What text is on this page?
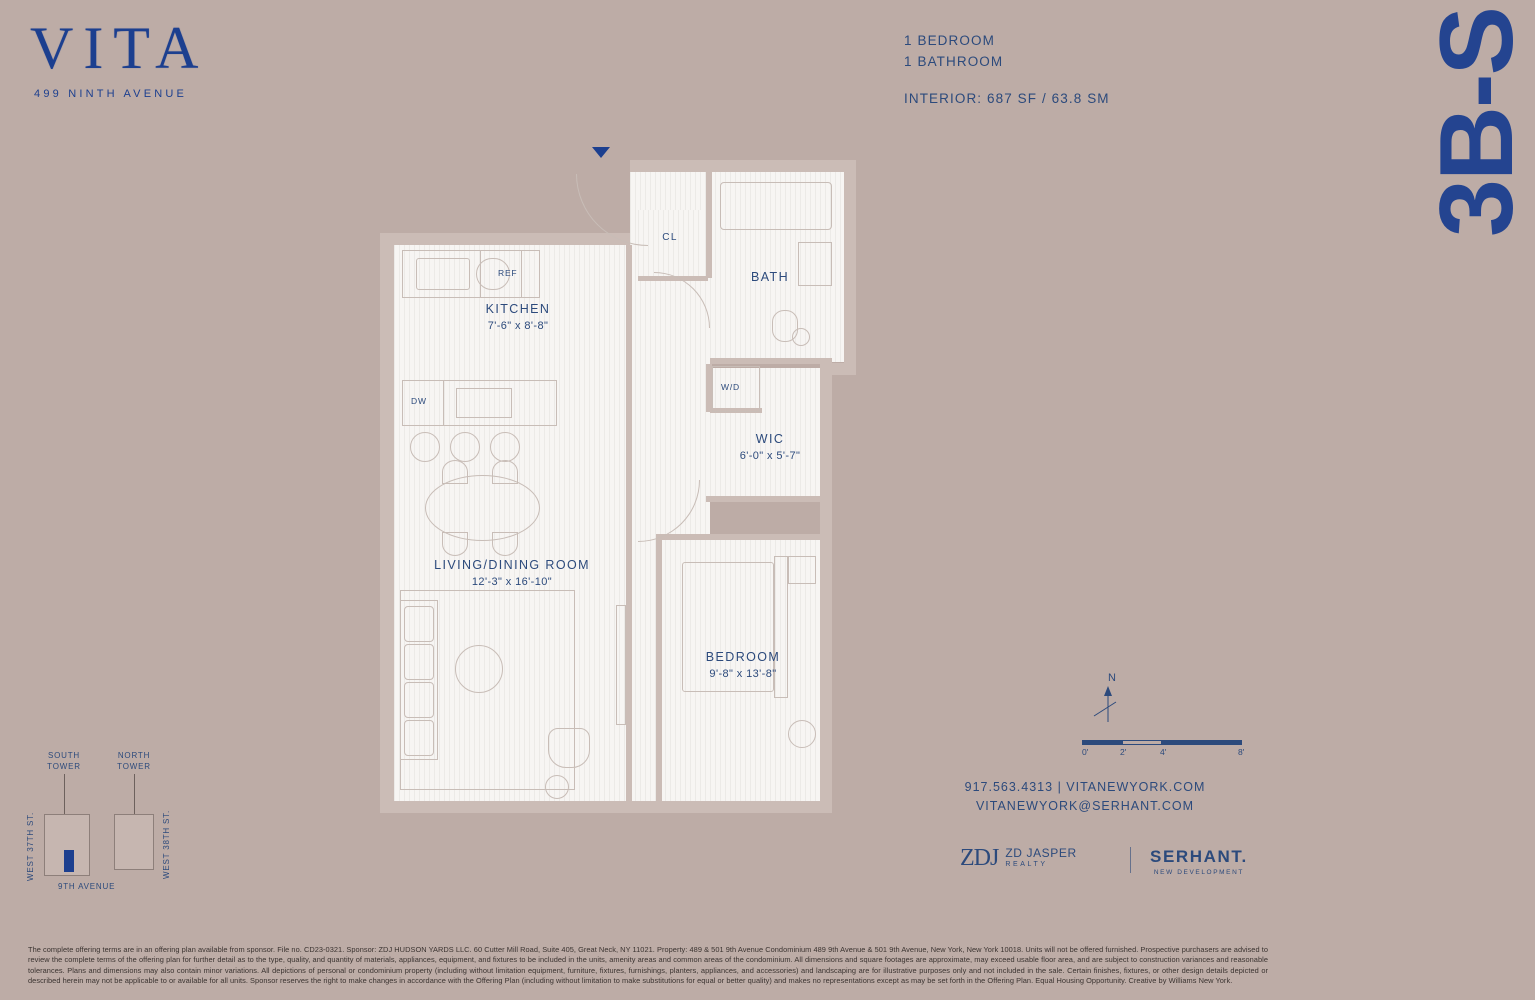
VITA
499 NINTH AVENUE
1 BEDROOM
1 BATHROOM
INTERIOR: 687 SF / 63.8 SM	3B-S
REF
DW
W/D
KITCHEN
7'-6" x 8'-8"
LIVING/DINING ROOM
12'-3" x 16'-10"
BEDROOM
9'-8" x 13'-8"
WIC
6'-0" x 5'-7"
BATH
CL
N
0'	2'	4'	8'
SOUTH
TOWER
NORTH
TOWER
WEST 37TH ST.	WEST 38TH ST.
9TH AVENUE
917.563.4313 | VITANEWYORK.COM
VITANEWYORK@SERHANT.COM
ZDJ ZD JASPER
REALTY	SERHANT.
NEW DEVELOPMENT
The complete offering terms are in an offering plan available from sponsor. File no. CD23-0321. Sponsor: ZDJ HUDSON YARDS LLC. 60 Cutter Mill Road, Suite 405, Great Neck, NY 11021. Property: 489 & 501 9th Avenue Condominium 489 9th Avenue & 501 9th Avenue, New York, New York 10018. Units will not be offered furnished. Prospective purchasers are advised to review the complete terms of the offering plan for further detail as to the type, quality, and quantity of materials, appliances, equipment, and fixtures to be included in the units, amenity areas and common areas of the condominium. All dimensions and square footages are approximate, may exceed usable floor area, and are subject to construction variances and reasonable tolerances. Plans and dimensions may also contain minor variations. All depictions of personal or condominium property (including without limitation equipment, furniture, fixtures, furnishings, planters, appliances, and accessories) and landscaping are for illustrative purposes only and not included in the sale. Certain finishes, fixtures, or other design details depicted or described herein may not be applicable to or available for all units. Sponsor reserves the right to make changes in accordance with the Offering Plan (including without limitation to make substitutions for equal or better quality) and makes no representations except as may be set forth in the Offering Plan. Equal Housing Opportunity. Creative by Williams New York.
